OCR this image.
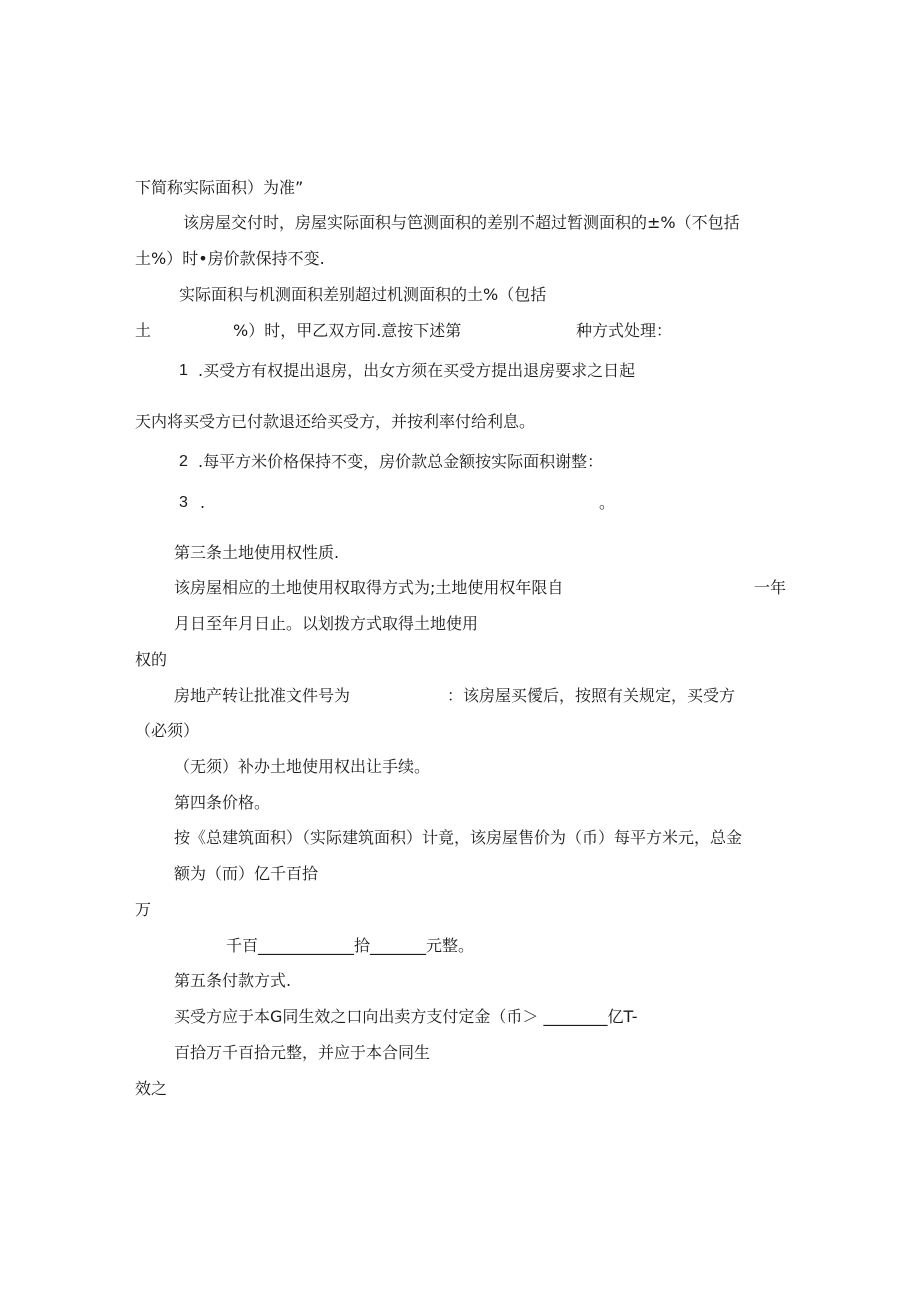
下简称实际面积）为准”
该房屋交付时，房屋实际面积与笆测面积的差别不超过暂测面积的±%（不包括
土%）时•房价款保持不变.
实际面积与机测面积差别超过机测面积的土%（包括
土	%）时，甲乙双方同.意按下述第	种方式处理：
1 .买受方有权提出退房，出女方须在买受方提出退房要求之日起
天内将买受方已付款退还给买受方，并按利率付给利息。
2 .每平方米价格保持不变，房价款总金额按实际面积谢整：
3 .	。
第三条土地使用权性质.
该房屋相应的土地使用权取得方式为;土地使用权年限自	一年
月日至年月日止。以划拨方式取得土地使用
权的
房地产转让批准文件号为	：该房屋买僾后，按照有关规定，买受方
（必须）
（无须）补办土地使用权出让手续。
第四条价格。
按《总建筑面积）（实际建筑面积）计竟，该房屋售价为（币）每平方米元，总金
额为（而）亿千百拾
万
千百____________拾_______元整。
第五条付款方式.
买受方应于本G同生效之口向出卖方支付定金（币＞ ________亿T-
百拾万千百拾元整，并应于本合同生
效之
